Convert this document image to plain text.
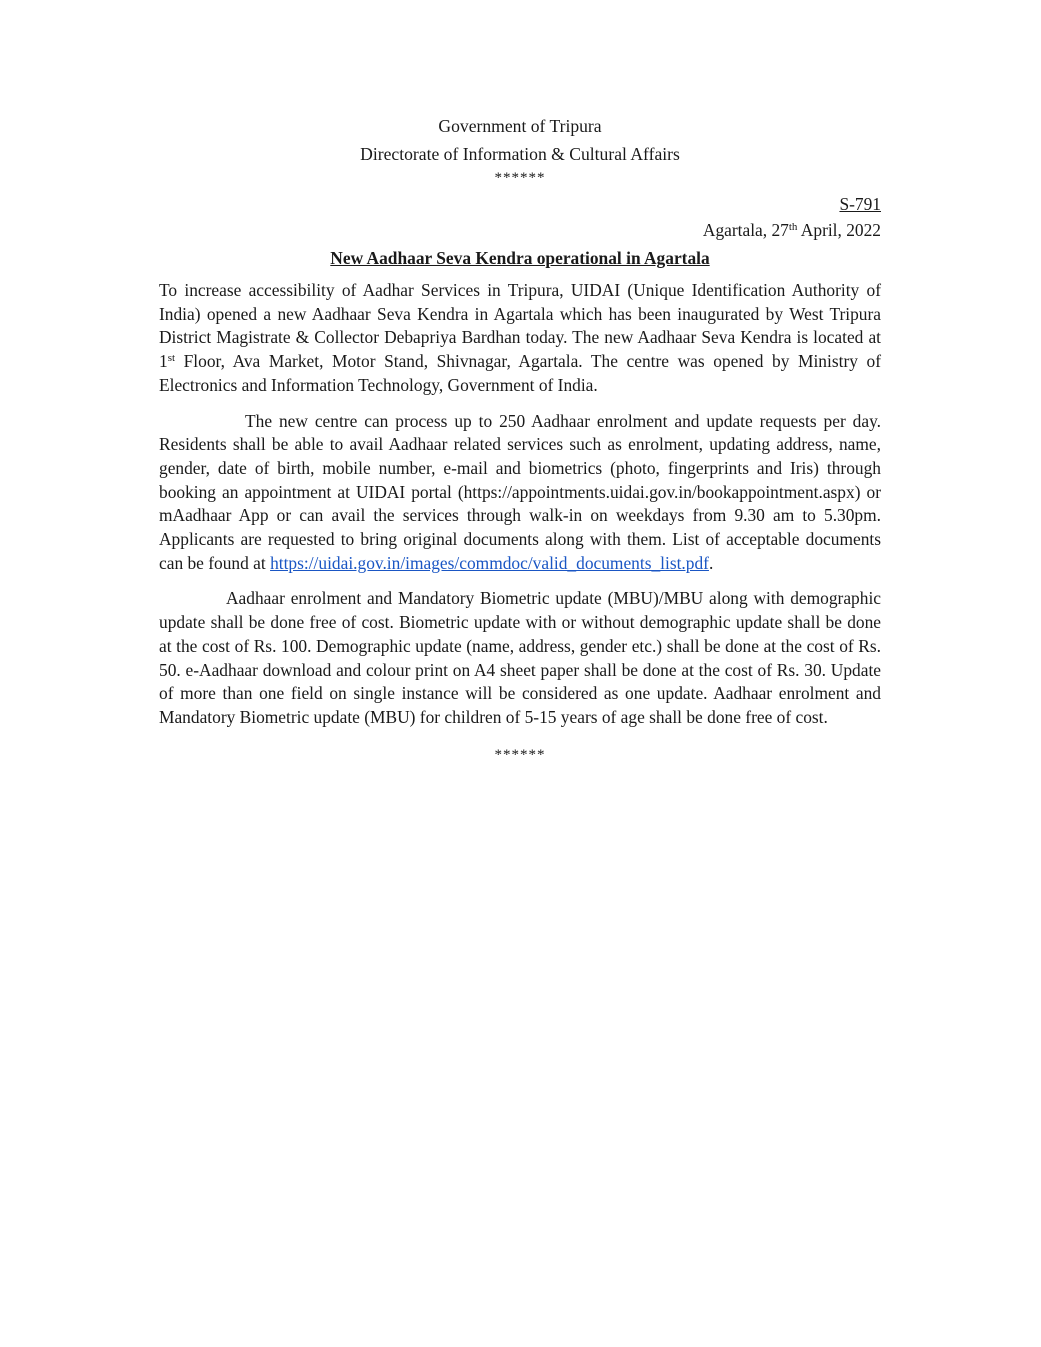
Government of Tripura
Directorate of Information & Cultural Affairs
******
S-791
Agartala, 27th April, 2022
New Aadhaar Seva Kendra operational in Agartala

To increase accessibility of Aadhar Services in Tripura, UIDAI (Unique Identification Authority of India) opened a new Aadhaar Seva Kendra in Agartala which has been inaugurated by West Tripura District Magistrate & Collector Debapriya Bardhan today. The new Aadhaar Seva Kendra is located at 1st Floor, Ava Market, Motor Stand, Shivnagar, Agartala. The centre was opened by Ministry of Electronics and Information Technology, Government of India.

The new centre can process up to 250 Aadhaar enrolment and update requests per day. Residents shall be able to avail Aadhaar related services such as enrolment, updating address, name, gender, date of birth, mobile number, e-mail and biometrics (photo, fingerprints and Iris) through booking an appointment at UIDAI portal (https://appointments.uidai.gov.in/bookappointment.aspx) or mAadhaar App or can avail the services through walk-in on weekdays from 9.30 am to 5.30pm. Applicants are requested to bring original documents along with them. List of acceptable documents can be found at https://uidai.gov.in/images/commdoc/valid_documents_list.pdf.

Aadhaar enrolment and Mandatory Biometric update (MBU)/MBU along with demographic update shall be done free of cost. Biometric update with or without demographic update shall be done at the cost of Rs. 100. Demographic update (name, address, gender etc.) shall be done at the cost of Rs. 50. e-Aadhaar download and colour print on A4 sheet paper shall be done at the cost of Rs. 30. Update of more than one field on single instance will be considered as one update. Aadhaar enrolment and Mandatory Biometric update (MBU) for children of 5-15 years of age shall be done free of cost.

******
